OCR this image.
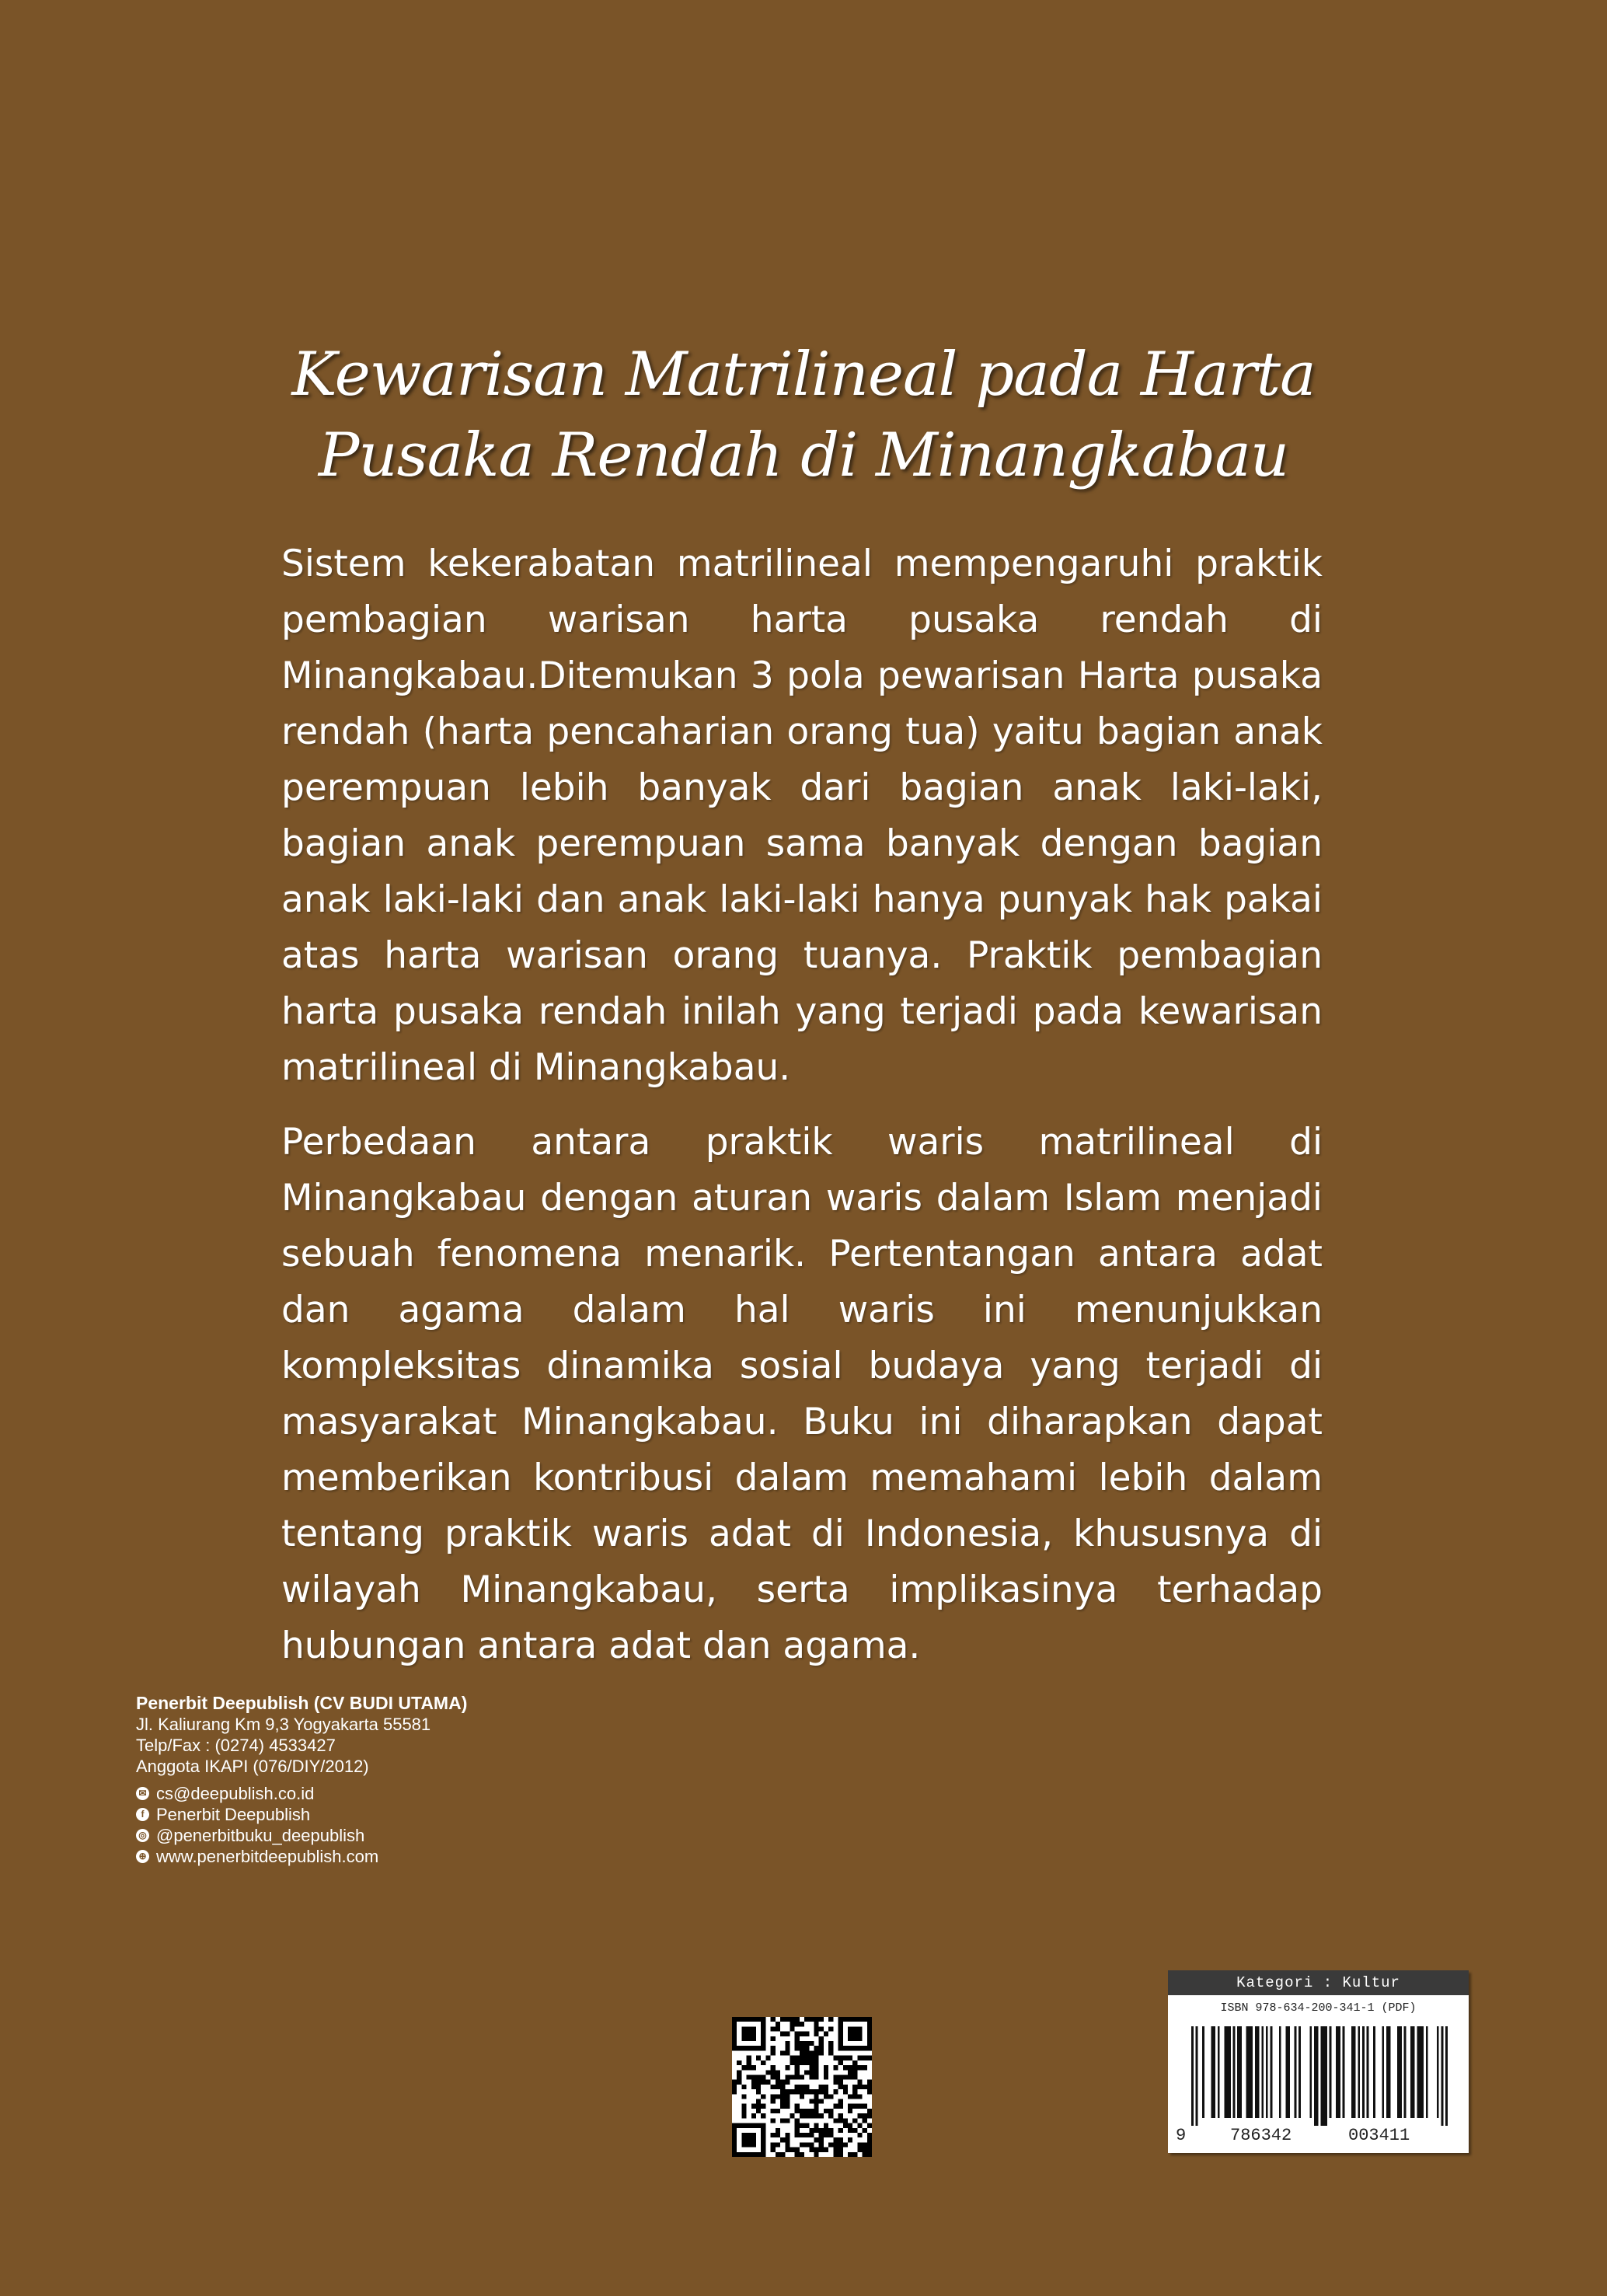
Kewarisan Matrilineal pada Harta
Pusaka Rendah di Minangkabau

Sistem kekerabatan matrilineal mempengaruhi praktik pembagian warisan harta pusaka rendah di Minangkabau.Ditemukan 3 pola pewarisan Harta pusaka rendah (harta pencaharian orang tua) yaitu bagian anak perempuan lebih banyak dari bagian anak laki-laki, bagian anak perempuan sama banyak dengan bagian anak laki-laki dan anak laki-laki hanya punyak hak pakai atas harta warisan orang tuanya. Praktik pembagian harta pusaka rendah inilah yang terjadi pada kewarisan matrilineal di Minangkabau.

Perbedaan antara praktik waris matrilineal di Minangkabau dengan aturan waris dalam Islam menjadi sebuah fenomena menarik. Pertentangan antara adat dan agama dalam hal waris ini menunjukkan kompleksitas dinamika sosial budaya yang terjadi di masyarakat Minangkabau. Buku ini diharapkan dapat memberikan kontribusi dalam memahami lebih dalam tentang praktik waris adat di Indonesia, khususnya di wilayah Minangkabau, serta implikasinya terhadap hubungan antara adat dan agama.

Penerbit Deepublish (CV BUDI UTAMA)
Jl. Kaliurang Km 9,3 Yogyakarta 55581
Telp/Fax : (0274) 4533427
Anggota IKAPI (076/DIY/2012)
✉ cs@deepublish.co.id
f Penerbit Deepublish
◎ @penerbitbuku_deepublish
⊕ www.penerbitdeepublish.com
Kategori : Kultur
ISBN 978-634-200-341-1 (PDF)
9	786342	003411
